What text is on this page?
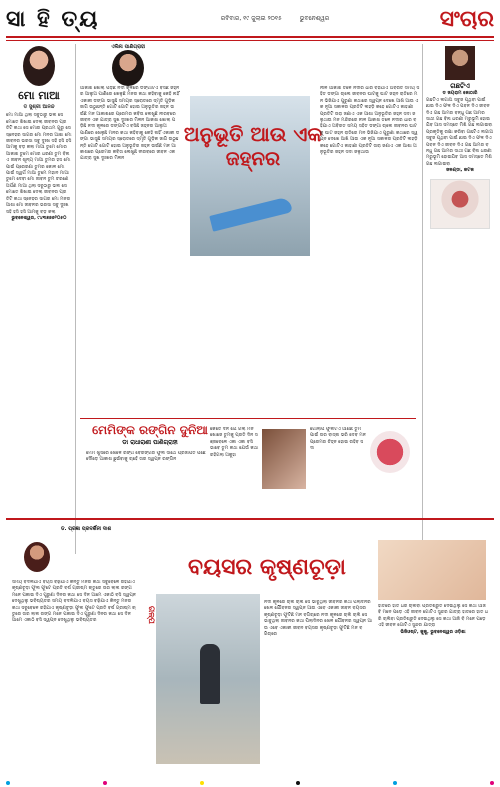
ସା ହି ତ୍ୟ	ରବିବାର, ୧୯ ଜୁଲାଇ ୨୦୧୫	ଭୁବନେଶ୍ୱର	ସଂଚାର
ମୋ ମାଆ
ଡ ସୁଶ୍ରୀ ଆନନ୍ଦ
ମୋ ମାଆ ଥିଲା ସବୁଠାରୁ ଭଲ ସେ ମୋତେ ଶିଖାଇ ଦେଲା ଜୀବନର ପ୍ରତିଟି କଥା ସେ ମୋର ପ୍ରଥମ ଗୁରୁ ସେ ସ୍ନେହର ସାଗର ମୋ ମନର ଆଶା ମୋ ଜୀବନର ଭରସା ସବୁ ଦୁଃଖ ସହି ହସି ହସି ଆମକୁ ବଡ଼ କଲା ମାଆ ତୁମେ ମୋର ଆକାଶ ତୁମେ ମୋର ଧରଣୀ ତୁମ ବିନା ଏ ଜୀବନ ଶୂନ୍ୟ ମାଆ ତୁମର ହସ ମୋ ପାଇଁ ପ୍ରେରଣା ତୁମର କୋଳ ମୋ ପାଇଁ ସ୍ୱର୍ଗ ମାଆ ତୁମେ ମହାନ ମାଆ ତୁମେ ଦେବୀ ମୋ ଜୀବନ ତୁମ ଚରଣେ ଅର୍ପଣ ମାଆ ଥିଲା ସବୁଠାରୁ ଭଲ ସେ ମୋତେ ଶିଖାଇ ଦେଲା ଜୀବନର ପ୍ରତିଟି କଥା ସ୍ନେହର ସାଗର ମୋ ମନର ଆଶା ମୋ ଜୀବନର ଭରସା ସବୁ ଦୁଃଖ ସହି ହସି ହସି ଆମକୁ ବଡ଼ କଲା
ଭୁବନେଶ୍ୱର, ୯୪୩୭୭୭୨୦୫୦
ଏଲିନା ପାଣିଗ୍ରାହୀ
ଅନୁଭୂତି ଆଉ ଏକ ଜହ୍ନର
ଆକାଶ ଖୋଲା ପଡ଼ିଛି ନଦୀ କୂଳରେ ଡଙ୍ଗାଟିଏ ବସିଛି ଜହ୍ନର ଆଲୁଅ ପାଣିରେ ଖେଳୁଛି ମନର କଥା କହିବାକୁ କେହି ନାହିଁ ଏକାକୀ ଡଙ୍ଗା ଭାସୁଛି ସମୟର ସ୍ରୋତରେ ସ୍ମୃତି ଗୁଡ଼ିକ ଜାଗି ଉଠୁଛନ୍ତି ଗୋଟି ଗୋଟି ହୋଇ ଅନୁଭୂତିର ଜହ୍ନ ଉଇଁଛି ମନ ଆକାଶରେ ପ୍ରେମର କବିତା ଲେଖୁଛି ନୀରବରେ ଜୀବନ ଏକ ଯାତ୍ରା ସୁଖ ଦୁଃଖର ମିଳନ ଆକାଶ ଖୋଲା ପଡ଼ିଛି ନଦୀ କୂଳରେ ଡଙ୍ଗାଟିଏ ବସିଛି ଜହ୍ନର ଆଲୁଅ ପାଣିରେ ଖେଳୁଛି ମନର କଥା କହିବାକୁ କେହି ନାହିଁ ଏକାକୀ ଡଙ୍ଗା ଭାସୁଛି ସମୟର ସ୍ରୋତରେ ସ୍ମୃତି ଗୁଡ଼ିକ ଜାଗି ଉଠୁଛନ୍ତି ଗୋଟି ଗୋଟି ହୋଇ ଅନୁଭୂତିର ଜହ୍ନ ଉଇଁଛି ମନ ଆକାଶରେ ପ୍ରେମର କବିତା ଲେଖୁଛି ନୀରବରେ ଜୀବନ ଏକ ଯାତ୍ରା ସୁଖ ଦୁଃଖର ମିଳନ
ନୀଳ ଆକାଶ ତଳେ ନଦୀର ଧାର ବହିଯାଏ ଅବିରତ ସମୟ ସହିତ ଡଙ୍ଗା ଚାଲେ ଜୀବନର ଘାଟକୁ ଘାଟ ଜହ୍ନ ରାତିରେ ମନ ଭିଜିଯାଏ ପୁରୁଣା କଥାରେ ସ୍ୱପ୍ନ ଦେଖେ ଆଖି ଆଉ ଏକ ନୂଆ ସକାଳର ପ୍ରତିଟି ଲହଡ଼ି କହେ ଗୋଟିଏ କାହାଣୀ ପ୍ରତିଟି ତାରା ଜଣାଏ ଏକ ଆଶା ଅନୁଭୂତିର ଜହ୍ନ ସଦା ଜଳୁଥାଉ ମନ ମନ୍ଦିରରେ ନୀଳ ଆକାଶ ତଳେ ନଦୀର ଧାର ବହିଯାଏ ଅବିରତ ସମୟ ସହିତ ଡଙ୍ଗା ଚାଲେ ଜୀବନର ଘାଟକୁ ଘାଟ ଜହ୍ନ ରାତିରେ ମନ ଭିଜିଯାଏ ପୁରୁଣା କଥାରେ ସ୍ୱପ୍ନ ଦେଖେ ଆଖି ଆଉ ଏକ ନୂଆ ସକାଳର ପ୍ରତିଟି ଲହଡ଼ି କହେ ଗୋଟିଏ କାହାଣୀ ପ୍ରତିଟି ତାରା ଜଣାଏ ଏକ ଆଶା ଅନୁଭୂତିର ଜହ୍ନ ସଦା ଜଳୁଥାଉ
ଗଛଟିଏ
ଡ ଜୟରାମ କୋଠାରି
ଗଛଟିଏ ଲଗାଅ ସବୁଜ ପୃଥିବୀ ପାଇଁ ଛାଇ ଦିଏ ଫଳ ଦିଏ ପବନ ଦିଏ ଜୀବନ ଦିଏ ଗଛ ଆମର ବନ୍ଧୁ ଗଛ ଆମର ସାଥୀ ଗଛ ବିନା ଧରଣୀ ମରୁଭୂମି ହୋଇଯିବ ଆସ ସମସ୍ତେ ମିଶି ଗଛ ଲଗାଇବା ପ୍ରକୃତିକୁ ରକ୍ଷା କରିବା ଗଛଟିଏ ଲଗାଅ ସବୁଜ ପୃଥିବୀ ପାଇଁ ଛାଇ ଦିଏ ଫଳ ଦିଏ ପବନ ଦିଏ ଜୀବନ ଦିଏ ଗଛ ଆମର ବନ୍ଧୁ ଗଛ ଆମର ସାଥୀ ଗଛ ବିନା ଧରଣୀ ମରୁଭୂମି ହୋଇଯିବ ଆସ ସମସ୍ତେ ମିଶି ଗଛ ଲଗାଇବା
ଜଳଣ୍ଡା, କଟକ
ମେମିଙ୍କ ରଙ୍ଗିନ ଦୁନିଆ
ଡା ରାଧାରାଣୀ ପାଣିଗ୍ରାହୀ
ମେମି ଖୁସିରେ ଖେଳେ ରଙ୍ଗ ବେରଙ୍ଗର ଫୁଲ ସାଥେ ପ୍ରଜାପତି ପଛେ ଦୌଡ଼େ ଆକାଶ ଛୁଇଁବାକୁ ଚାହେଁ ତାର ସ୍ୱପ୍ନ ରଙ୍ଗିନ
କେତେ ଦିନ ଯେ ଗଲା ମନ ଖୋଜେ ତୁମକୁ ପ୍ରତି ଦିନ ସଞ୍ଜବେଳେ ଏକା ଏକା ବସି ଭାବେ ତୁମ କଥା ଯେଉଁ କଥା ରହିଗଲା ଅକୁହା
ଗୋଲାପ ଫୁଲଟିଏ ଆଣିଛି ତୁମ ପାଇଁ ତାର ବାସ୍ନା ଭରି ଦେବ ମନ ପ୍ରେମର ଚିହ୍ନ ହୋଇ ରହିବ ସଦା
ଡ. ପ୍ରଜ୍ଞା ପ୍ରଦର୍ଶିନୀ ଦାଶ
ବୟସର କୃଷ୍ଣଚୂଡ଼ା
ଗଳ୍ପ
ସମୟ ବଦଳିଯାଏ ବୟସ ବଢ଼ିଯାଏ କିନ୍ତୁ ମନର କଥା ସବୁବେଳେ ରହିଯାଏ କୃଷ୍ଣଚୂଡ଼ା ଫୁଲ ଫୁଟେ ପ୍ରତି ବର୍ଷ ଗ୍ରୀଷ୍ମ ଋତୁରେ ତାର ଲାଲ ରଙ୍ଗ ମନେ ପକାଇ ଦିଏ ପୁରୁଣା ଦିନର କଥା ସେ ଦିନ ଆମେ ଏକାଠି ବସି ସ୍ୱପ୍ନ ଦେଖୁଥିଲୁ ଭବିଷ୍ୟତର ସମୟ ବଦଳିଯାଏ ବୟସ ବଢ଼ିଯାଏ କିନ୍ତୁ ମନର କଥା ସବୁବେଳେ ରହିଯାଏ କୃଷ୍ଣଚୂଡ଼ା ଫୁଲ ଫୁଟେ ପ୍ରତି ବର୍ଷ ଗ୍ରୀଷ୍ମ ଋତୁରେ ତାର ଲାଲ ରଙ୍ଗ ମନେ ପକାଇ ଦିଏ ପୁରୁଣା ଦିନର କଥା ସେ ଦିନ ଆମେ ଏକାଠି ବସି ସ୍ୱପ୍ନ ଦେଖୁଥିଲୁ ଭବିଷ୍ୟତର
ନଦୀ କୂଳରେ ଚାଲି ଚାଲି ସେ ଭାବୁଥିଲା ଜୀବନର କଥା ପିଲାଦିନର ଖେଳ ଯୌବନର ସ୍ୱପ୍ନ ଆଉ ଏବେ ଏକାକୀ ଜୀବନ ବୟସର କୃଷ୍ଣଚୂଡ଼ା ଫୁଟିଛି ମନ ବଗିଚାରେ ନଦୀ କୂଳରେ ଚାଲି ଚାଲି ସେ ଭାବୁଥିଲା ଜୀବନର କଥା ପିଲାଦିନର ଖେଳ ଯୌବନର ସ୍ୱପ୍ନ ଆଉ ଏବେ ଏକାକୀ ଜୀବନ ବୟସର କୃଷ୍ଣଚୂଡ଼ା ଫୁଟିଛି ମନ ବଗିଚାରେ
ହାତରେ ହାତ ଧରି ଚାଲିବା ପ୍ରତିଶ୍ରୁତି ଦେଇଥିଲୁ ସେ କଥା ଆଜି ବି ମନେ ପଡ଼େ ଏହି ଜୀବନ ଗୋଟିଏ ସୁନ୍ଦର ଯାତ୍ରା ହାତରେ ହାତ ଧରି ଚାଲିବା ପ୍ରତିଶ୍ରୁତି ଦେଇଥିଲୁ ସେ କଥା ଆଜି ବି ମନେ ପଡ଼େ ଏହି ଜୀବନ ଗୋଟିଏ ସୁନ୍ଦର ଯାତ୍ରା
ଭିଜିଓଷ୍ଟ, କୁକୁ, ଭୁବନେଶ୍ୱର ଓଡ଼ିଶା
